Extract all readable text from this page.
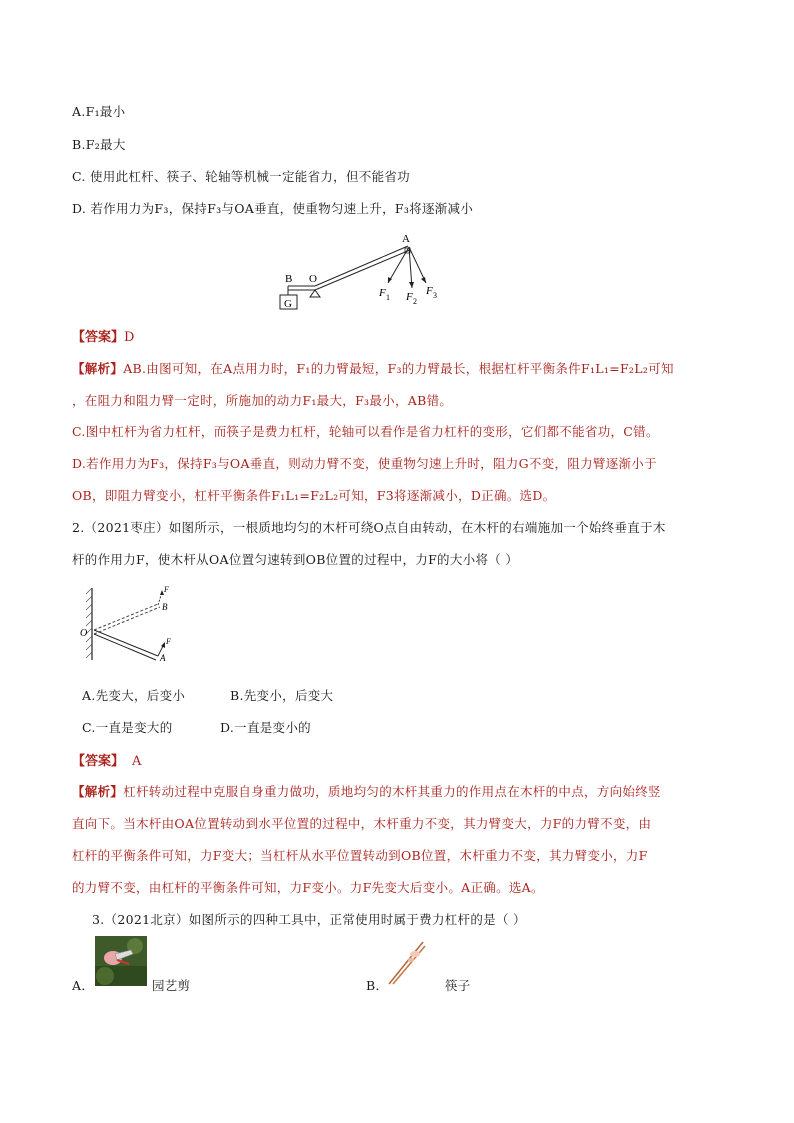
A.F₁最小
B.F₂最大
C. 使用此杠杆、筷子、轮轴等机械一定能省力，但不能省功
D. 若作用力为F₃，保持F₃与OA垂直，使重物匀速上升，F₃将逐渐减小
G
A
B O
F 1 F 2
F 3
【答案】D
【解析】AB.由图可知，在A点用力时，F₁的力臂最短，F₃的力臂最长，根据杠杆平衡条件F₁L₁=F₂L₂可知
，在阻力和阻力臂一定时，所施加的动力F₁最大，F₃最小，AB错。
C.图中杠杆为省力杠杆，而筷子是费力杠杆，轮轴可以看作是省力杠杆的变形，它们都不能省功，C错。
D.若作用力为F₃，保持F₃与OA垂直，则动力臂不变，使重物匀速上升时，阻力G不变，阻力臂逐渐小于
OB，即阻力臂变小，杠杆平衡条件F₁L₁=F₂L₂可知，F3将逐渐减小，D正确。选D。
2.（2021枣庄）如图所示，一根质地均匀的木杆可绕O点自由转动，在木杆的右端施加一个始终垂直于木
杆的作用力F，使木杆从OA位置匀速转到OB位置的过程中，力F的大小将（ ）
O
B
A
F
F
A.先变大，后变小	B.先变小，后变大
C.一直是变大的	D.一直是变小的
【答案】 A
【解析】杠杆转动过程中克服自身重力做功，质地均匀的木杆其重力的作用点在木杆的中点，方向始终竖
直向下。当木杆由OA位置转动到水平位置的过程中，木杆重力不变，其力臂变大，力F的力臂不变，由
杠杆的平衡条件可知，力F变大；当杠杆从水平位置转动到OB位置，木杆重力不变，其力臂变小，力F
的力臂不变，由杠杆的平衡条件可知，力F变小。力F先变大后变小。A正确。选A。
3.（2021北京）如图所示的四种工具中，正常使用时属于费力杠杆的是（ ）
A．	园艺剪	B．	筷子
